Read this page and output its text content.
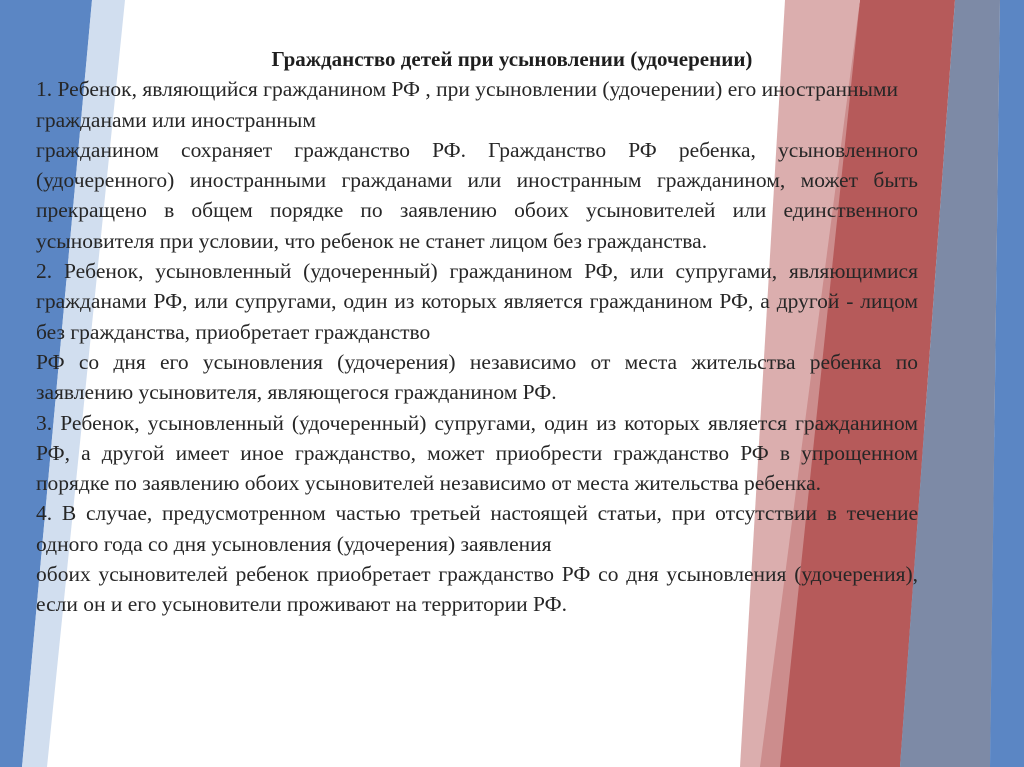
Гражданство детей при усыновлении (удочерении)

1. Ребенок, являющийся гражданином РФ , при усыновлении (удочерении) его иностранными гражданами или иностранным

гражданином сохраняет гражданство РФ. Гражданство РФ ребенка, усыновленного (удочеренного) иностранными гражданами или иностранным гражданином, может быть прекращено в общем порядке по заявлению обоих усыновителей или единственного усыновителя при условии, что ребенок не станет лицом без гражданства.

2. Ребенок, усыновленный (удочеренный) гражданином РФ, или супругами, являющимися гражданами РФ, или супругами, один из которых является гражданином РФ, а другой - лицом без гражданства, приобретает гражданство

РФ со дня его усыновления (удочерения) независимо от места жительства ребенка по заявлению усыновителя, являющегося гражданином РФ.

3. Ребенок, усыновленный (удочеренный) супругами, один из которых является гражданином РФ, а другой имеет иное гражданство, может приобрести гражданство РФ в упрощенном порядке по заявлению обоих усыновителей независимо от места жительства ребенка.

4. В случае, предусмотренном частью третьей настоящей статьи, при отсутствии в течение одного года со дня усыновления (удочерения) заявления

обоих усыновителей ребенок приобретает гражданство РФ со дня усыновления (удочерения), если он и его усыновители проживают на территории РФ.
